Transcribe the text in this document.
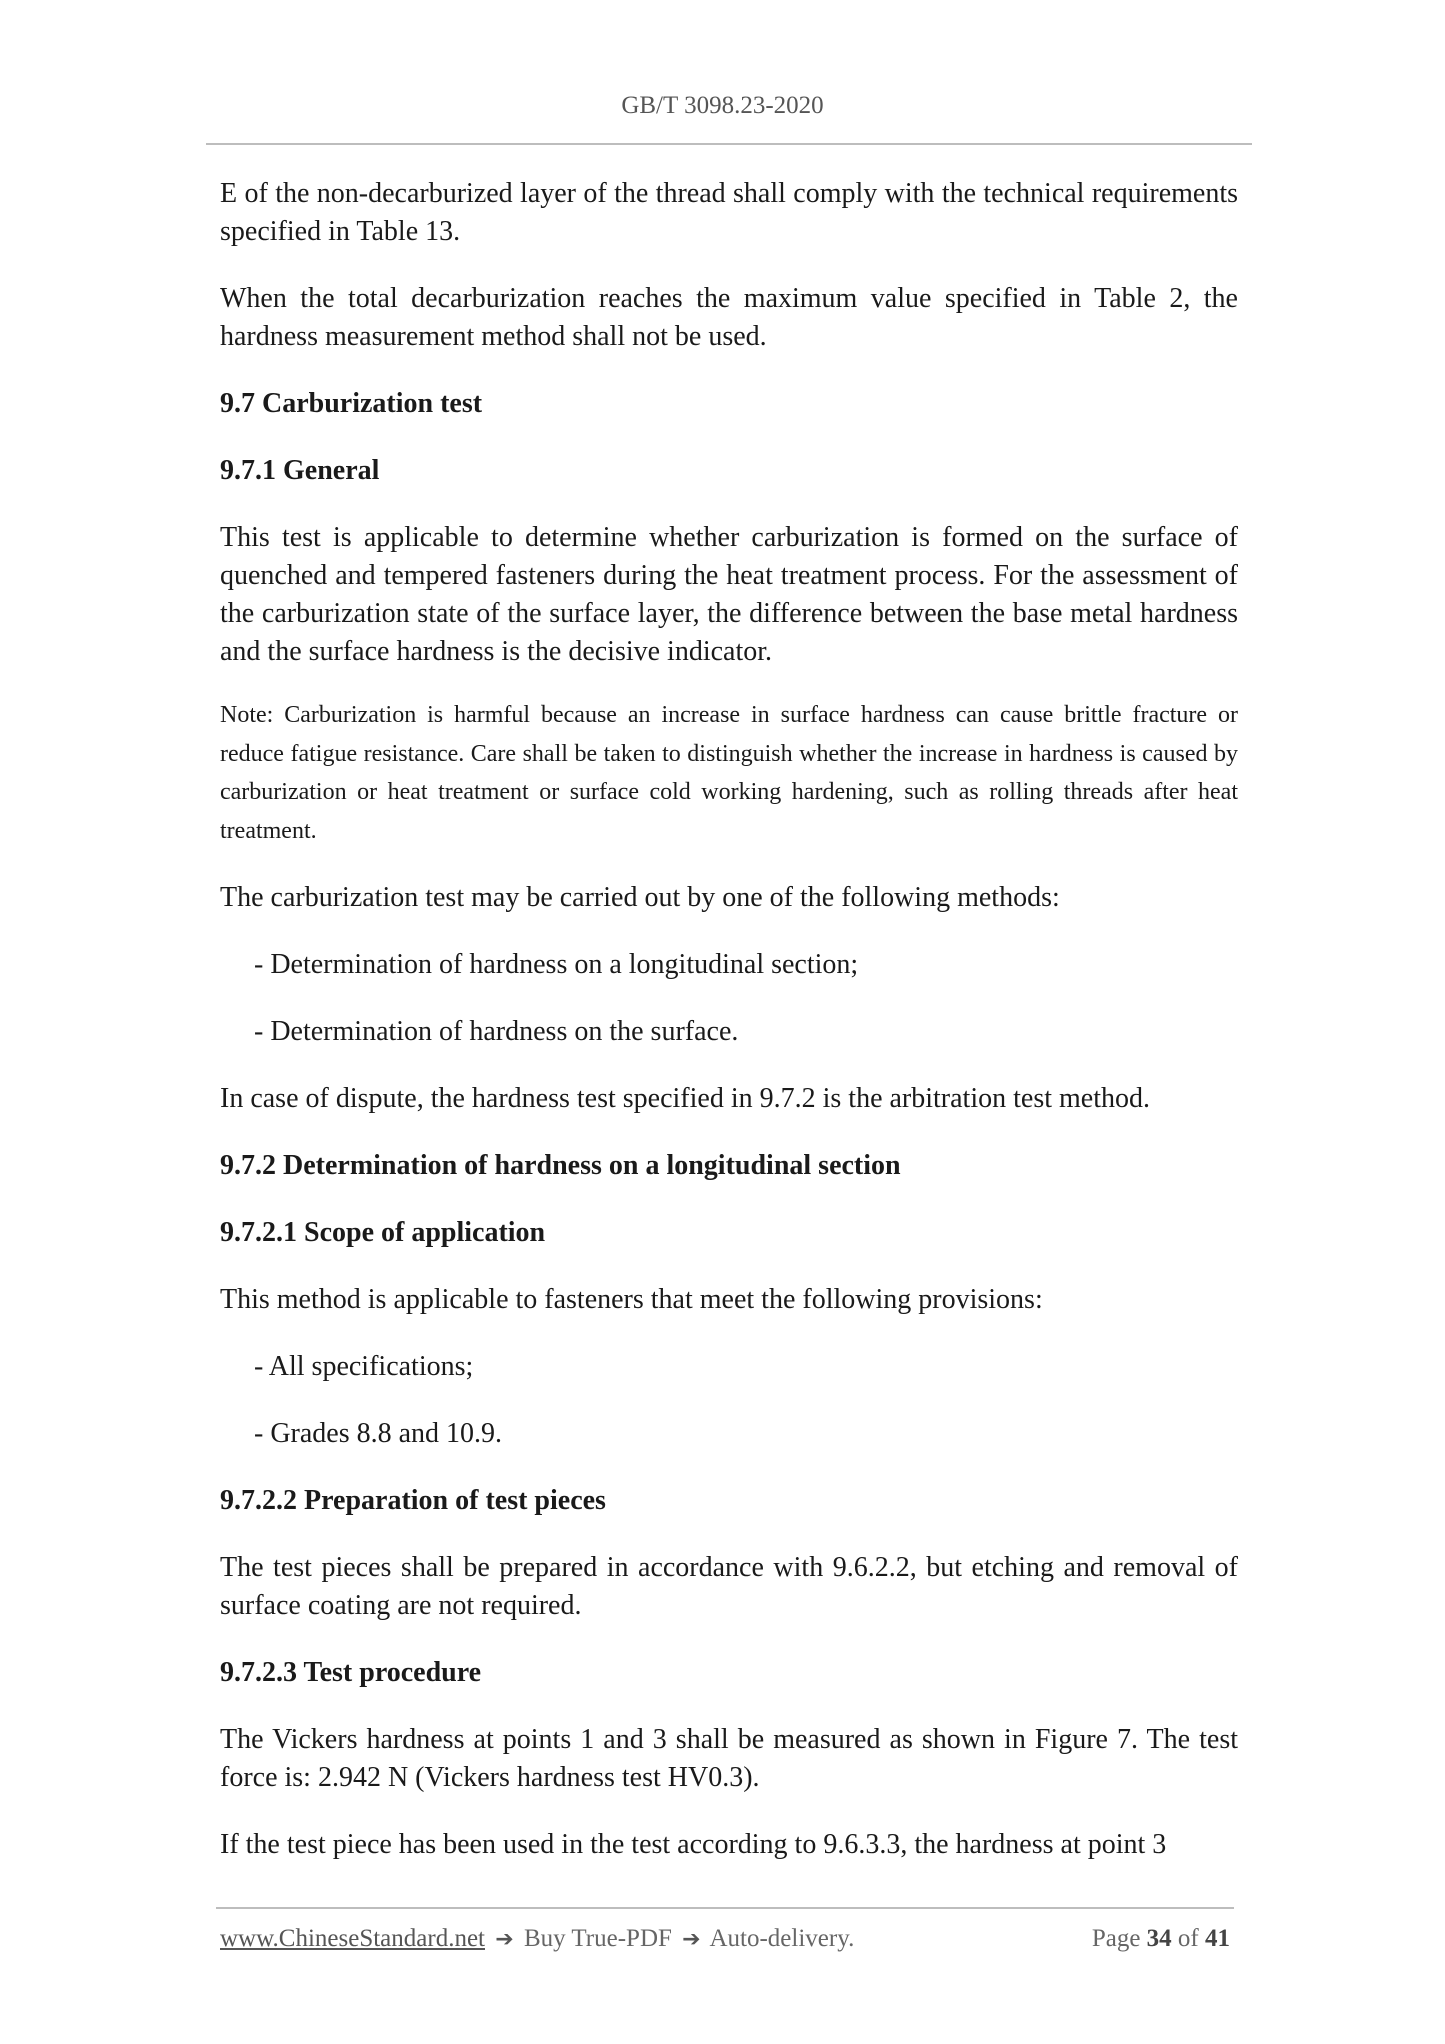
GB/T 3098.23-2020

E of the non-decarburized layer of the thread shall comply with the technical requirements specified in Table 13.

When the total decarburization reaches the maximum value specified in Table 2, the hardness measurement method shall not be used.

9.7 Carburization test
9.7.1 General

This test is applicable to determine whether carburization is formed on the surface of quenched and tempered fasteners during the heat treatment process. For the assessment of the carburization state of the surface layer, the difference between the base metal hardness and the surface hardness is the decisive indicator.

Note: Carburization is harmful because an increase in surface hardness can cause brittle fracture or reduce fatigue resistance. Care shall be taken to distinguish whether the increase in hardness is caused by carburization or heat treatment or surface cold working hardening, such as rolling threads after heat treatment.

The carburization test may be carried out by one of the following methods:

- Determination of hardness on a longitudinal section;
- Determination of hardness on the surface.

In case of dispute, the hardness test specified in 9.7.2 is the arbitration test method.

9.7.2 Determination of hardness on a longitudinal section
9.7.2.1 Scope of application

This method is applicable to fasteners that meet the following provisions:

- All specifications;
- Grades 8.8 and 10.9.
9.7.2.2 Preparation of test pieces

The test pieces shall be prepared in accordance with 9.6.2.2, but etching and removal of surface coating are not required.

9.7.2.3 Test procedure

The Vickers hardness at points 1 and 3 shall be measured as shown in Figure 7. The test force is: 2.942 N (Vickers hardness test HV0.3).

If the test piece has been used in the test according to 9.6.3.3, the hardness at point 3

www.ChineseStandard.net ➔ Buy True-PDF ➔ Auto-delivery.	Page 34 of 41
